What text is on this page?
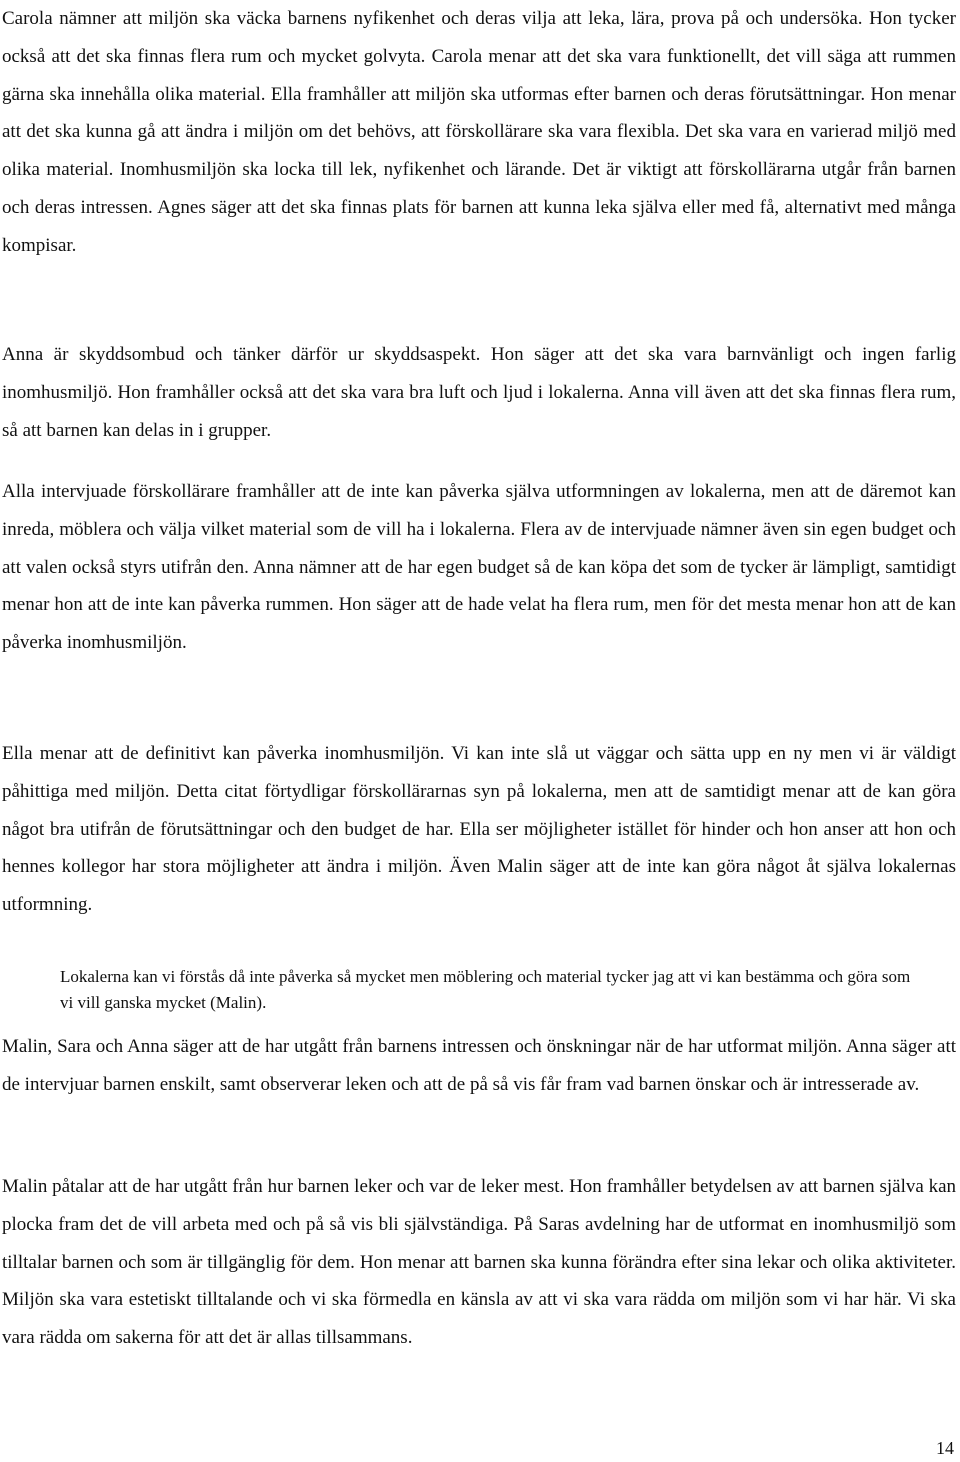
Carola nämner att miljön ska väcka barnens nyfikenhet och deras vilja att leka, lära, prova på och undersöka. Hon tycker också att det ska finnas flera rum och mycket golvyta. Carola menar att det ska vara funktionellt, det vill säga att rummen gärna ska innehålla olika material. Ella framhåller att miljön ska utformas efter barnen och deras förutsättningar. Hon menar att det ska kunna gå att ändra i miljön om det behövs, att förskollärare ska vara flexibla. Det ska vara en varierad miljö med olika material. Inomhusmiljön ska locka till lek, nyfikenhet och lärande. Det är viktigt att förskollärarna utgår från barnen och deras intressen. Agnes säger att det ska finnas plats för barnen att kunna leka själva eller med få, alternativt med många kompisar.

Anna är skyddsombud och tänker därför ur skyddsaspekt. Hon säger att det ska vara barnvänligt och ingen farlig inomhusmiljö. Hon framhåller också att det ska vara bra luft och ljud i lokalerna. Anna vill även att det ska finnas flera rum, så att barnen kan delas in i grupper.

Alla intervjuade förskollärare framhåller att de inte kan påverka själva utformningen av lokalerna, men att de däremot kan inreda, möblera och välja vilket material som de vill ha i lokalerna. Flera av de intervjuade nämner även sin egen budget och att valen också styrs utifrån den. Anna nämner att de har egen budget så de kan köpa det som de tycker är lämpligt, samtidigt menar hon att de inte kan påverka rummen. Hon säger att de hade velat ha flera rum, men för det mesta menar hon att de kan påverka inomhusmiljön.

Ella menar att de definitivt kan påverka inomhusmiljön. Vi kan inte slå ut väggar och sätta upp en ny men vi är väldigt påhittiga med miljön. Detta citat förtydligar förskollärarnas syn på lokalerna, men att de samtidigt menar att de kan göra något bra utifrån de förutsättningar och den budget de har. Ella ser möjligheter istället för hinder och hon anser att hon och hennes kollegor har stora möjligheter att ändra i miljön. Även Malin säger att de inte kan göra något åt själva lokalernas utformning.

Lokalerna kan vi förstås då inte påverka så mycket men möblering och material tycker jag att vi kan bestämma och göra som vi vill ganska mycket (Malin).

Malin, Sara och Anna säger att de har utgått från barnens intressen och önskningar när de har utformat miljön. Anna säger att de intervjuar barnen enskilt, samt observerar leken och att de på så vis får fram vad barnen önskar och är intresserade av.

Malin påtalar att de har utgått från hur barnen leker och var de leker mest. Hon framhåller betydelsen av att barnen själva kan plocka fram det de vill arbeta med och på så vis bli självständiga. På Saras avdelning har de utformat en inomhusmiljö som tilltalar barnen och som är tillgänglig för dem. Hon menar att barnen ska kunna förändra efter sina lekar och olika aktiviteter. Miljön ska vara estetiskt tilltalande och vi ska förmedla en känsla av att vi ska vara rädda om miljön som vi har här. Vi ska vara rädda om sakerna för att det är allas tillsammans.

14
